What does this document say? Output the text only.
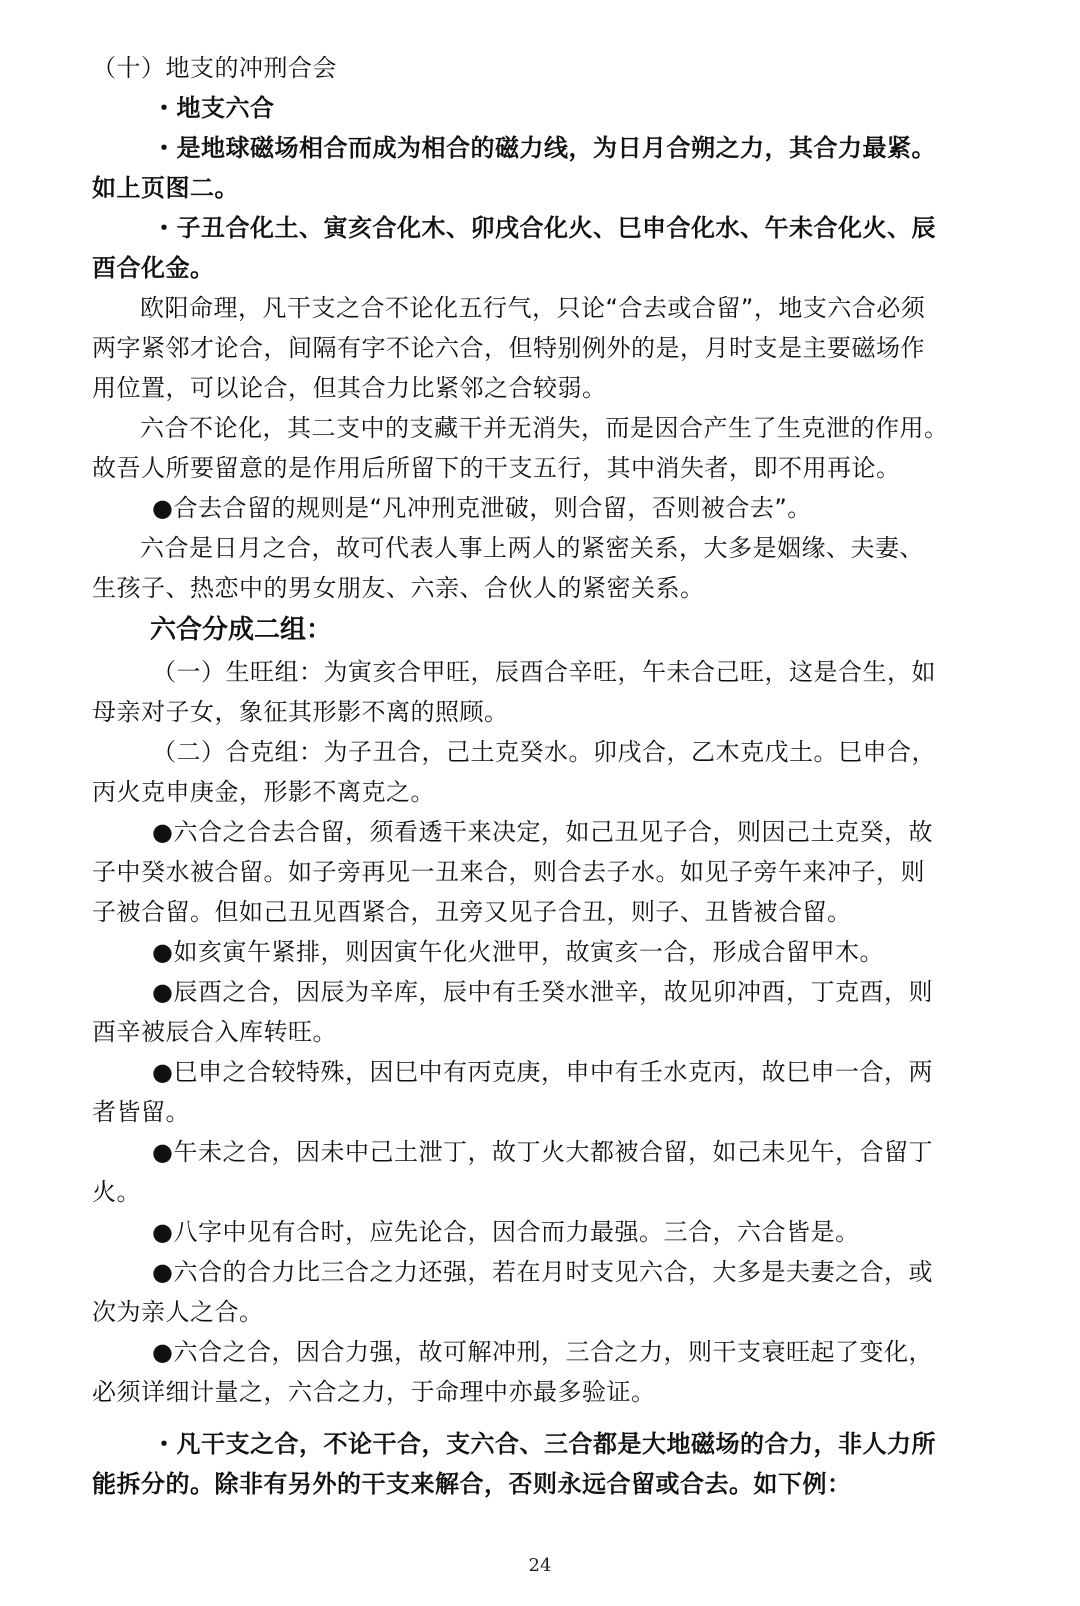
（十）地支的冲刑合会
・地支六合
・是地球磁场相合而成为相合的磁力线，为日月合朔之力，其合力最紧。
如上页图二。
・子丑合化土、寅亥合化木、卯戌合化火、巳申合化水、午未合化火、辰
酉合化金。
欧阳命理，凡干支之合不论化五行气，只论“合去或合留”，地支六合必须
两字紧邻才论合，间隔有字不论六合，但特别例外的是，月时支是主要磁场作
用位置，可以论合，但其合力比紧邻之合较弱。
六合不论化，其二支中的支藏干并无消失，而是因合产生了生克泄的作用。
故吾人所要留意的是作用后所留下的干支五行，其中消失者，即不用再论。
●合去合留的规则是“凡冲刑克泄破，则合留，否则被合去”。
六合是日月之合，故可代表人事上两人的紧密关系，大多是姻缘、夫妻、
生孩子、热恋中的男女朋友、六亲、合伙人的紧密关系。
六合分成二组：
（一）生旺组：为寅亥合甲旺，辰酉合辛旺，午未合己旺，这是合生，如
母亲对子女，象征其形影不离的照顾。
（二）合克组：为子丑合，己土克癸水。卯戌合，乙木克戊土。巳申合，
丙火克申庚金，形影不离克之。
●六合之合去合留，须看透干来决定，如己丑见子合，则因己土克癸，故
子中癸水被合留。如子旁再见一丑来合，则合去子水。如见子旁午来冲子，则
子被合留。但如己丑见酉紧合，丑旁又见子合丑，则子、丑皆被合留。
●如亥寅午紧排，则因寅午化火泄甲，故寅亥一合，形成合留甲木。
●辰酉之合，因辰为辛库，辰中有壬癸水泄辛，故见卯冲酉，丁克酉，则
酉辛被辰合入库转旺。
●巳申之合较特殊，因巳中有丙克庚，申中有壬水克丙，故巳申一合，两
者皆留。
●午未之合，因未中己土泄丁，故丁火大都被合留，如己未见午，合留丁
火。
●八字中见有合时，应先论合，因合而力最强。三合，六合皆是。
●六合的合力比三合之力还强，若在月时支见六合，大多是夫妻之合，或
次为亲人之合。
●六合之合，因合力强，故可解冲刑，三合之力，则干支衰旺起了变化，
必须详细计量之，六合之力，于命理中亦最多验证。
・凡干支之合，不论干合，支六合、三合都是大地磁场的合力，非人力所
能拆分的。除非有另外的干支来解合，否则永远合留或合去。如下例：
24
